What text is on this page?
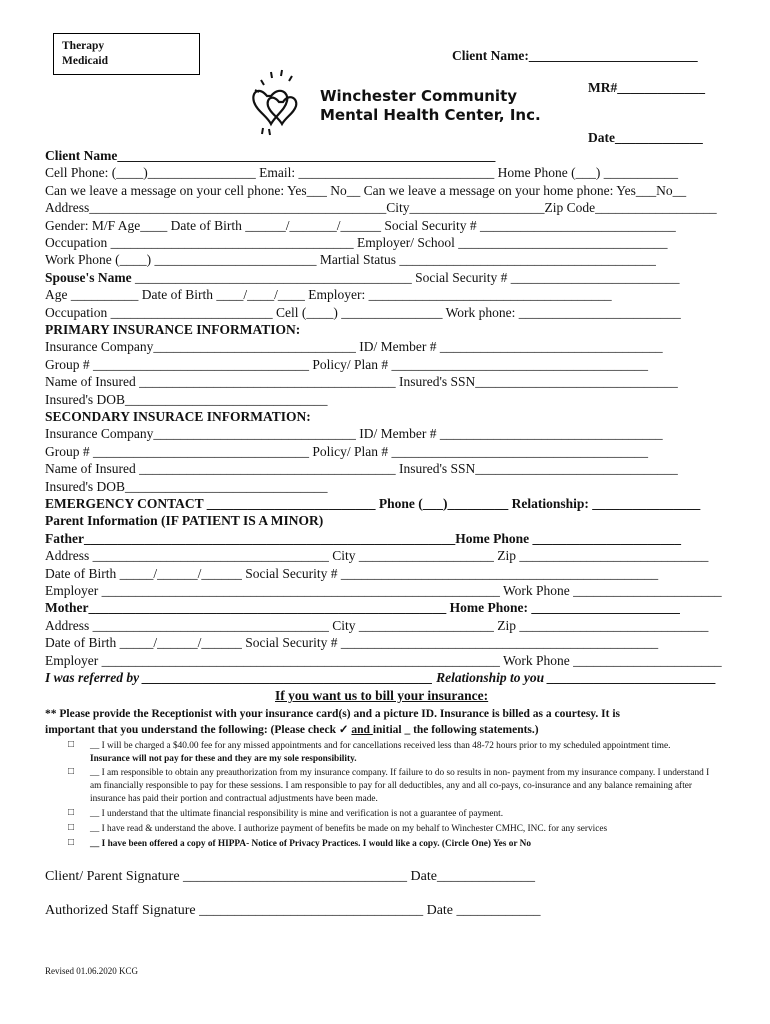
Therapy
Medicaid	Client Name:_________________________
Winchester Community
Mental Health Center, Inc.
MR#_____________
Date_____________
Client Name________________________________________________________
Cell Phone: (____)________________ Email: _____________________________ Home Phone (___) ___________
Can we leave a message on your cell phone: Yes___ No__ Can we leave a message on your home phone: Yes___No__
Address____________________________________________City____________________Zip Code__________________
Gender: M/F Age____ Date of Birth ______/_______/______ Social Security # _____________________________
Occupation ____________________________________ Employer/ School _______________________________
Work Phone (____) ________________________ Martial Status ______________________________________
Spouse's Name _________________________________________ Social Security # _________________________
Age __________ Date of Birth ____/____/____ Employer: ____________________________________
Occupation ________________________ Cell (____) _______________ Work phone: ________________________
PRIMARY INSURANCE INFORMATION:
Insurance Company______________________________ ID/ Member # _________________________________
Group # ________________________________ Policy/ Plan # ______________________________________
Name of Insured ______________________________________ Insured's SSN______________________________
Insured's DOB______________________________
SECONDARY INSURACE INFORMATION:
Insurance Company______________________________ ID/ Member # _________________________________
Group # ________________________________ Policy/ Plan # ______________________________________
Name of Insured ______________________________________ Insured's SSN______________________________
Insured's DOB______________________________
EMERGENCY CONTACT _________________________ Phone (___)_________ Relationship: ________________
Parent Information (IF PATIENT IS A MINOR)
Father_______________________________________________________Home Phone ______________________
Address ___________________________________ City ____________________ Zip ____________________________
Date of Birth _____/______/______ Social Security # _______________________________________________
Employer ___________________________________________________________ Work Phone ______________________
Mother_____________________________________________________ Home Phone: ______________________
Address ___________________________________ City ____________________ Zip ____________________________
Date of Birth _____/______/______ Social Security # _______________________________________________
Employer ___________________________________________________________ Work Phone ______________________
I was referred by ___________________________________________ Relationship to you _________________________
If you want us to bill your insurance:
** Please provide the Receptionist with your insurance card(s) and a picture ID. Insurance is billed as a courtesy. It is
important that you understand the following: (Please check ✓ and initial _ the following statements.)
□ __ I will be charged a $40.00 fee for any missed appointments and for cancellations received less than 48-72 hours prior to my scheduled appointment time. Insurance will not pay for these and they are my sole responsibility.
□ __ I am responsible to obtain any preauthorization from my insurance company. If failure to do so results in non- payment from my insurance company. I understand I am financially responsible to pay for these sessions. I am responsible to pay for all deductibles, any and all co-pays, co-insurance and any balance remaining after insurance has paid their portion and contractual adjustments have been made.
□ __ I understand that the ultimate financial responsibility is mine and verification is not a guarantee of payment.
□ __ I have read & understand the above. I authorize payment of benefits be made on my behalf to Winchester CMHC, INC. for any services
□ __ I have been offered a copy of HIPPA- Notice of Privacy Practices. I would like a copy. (Circle One) Yes or No
Client/ Parent Signature ________________________________ Date______________
Authorized Staff Signature ________________________________ Date ____________
Revised 01.06.2020 KCG
